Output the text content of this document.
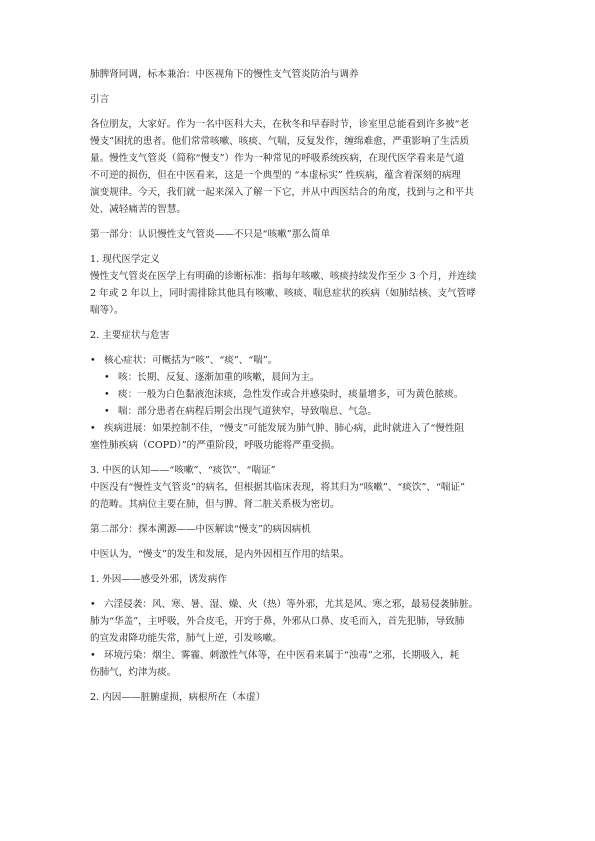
肺脾肾同调，标本兼治：中医视角下的慢性支气管炎防治与调养
引言
各位朋友，大家好。作为一名中医科大夫，在秋冬和早春时节，诊室里总能看到许多被“老
慢支”困扰的患者。他们常常咳嗽、咳痰、气喘，反复发作，缠绵难愈，严重影响了生活质
量。慢性支气管炎（简称“慢支”）作为一种常见的呼吸系统疾病，在现代医学看来是气道
不可逆的损伤，但在中医看来，这是一个典型的 “本虚标实” 性疾病，蕴含着深刻的病理
演变规律。今天，我们就一起来深入了解一下它，并从中西医结合的角度，找到与之和平共
处、减轻痛苦的智慧。
第一部分：认识慢性支气管炎——不只是“咳嗽”那么简单
1. 现代医学定义
慢性支气管炎在医学上有明确的诊断标准：指每年咳嗽、咳痰持续发作至少 3 个月，并连续
2 年或 2 年以上，同时需排除其他具有咳嗽、咳痰、喘息症状的疾病（如肺结核、支气管哮
喘等）。
2. 主要症状与危害
• 核心症状：可概括为“咳”、“痰”、“喘”。
• 咳：长期、反复、逐渐加重的咳嗽，晨间为主。
• 痰：一般为白色黏液泡沫痰，急性发作或合并感染时，痰量增多，可为黄色脓痰。
• 喘：部分患者在病程后期会出现气道狭窄，导致喘息、气急。
• 疾病进展：如果控制不佳，“慢支”可能发展为肺气肿、肺心病，此时就进入了“慢性阻
塞性肺疾病（COPD）”的严重阶段，呼吸功能将严重受损。
3. 中医的认知——“咳嗽”、“痰饮”、“喘证”
中医没有“慢性支气管炎”的病名，但根据其临床表现，将其归为“咳嗽”、“痰饮”、“喘证”
的范畴。其病位主要在肺，但与脾、肾二脏关系极为密切。
第二部分：探本溯源——中医解读“慢支”的病因病机
中医认为，“慢支”的发生和发展，是内外因相互作用的结果。
1. 外因——感受外邪，诱发病作
• 六淫侵袭：风、寒、暑、湿、燥、火（热）等外邪，尤其是风、寒之邪，最易侵袭肺脏。
肺为“华盖”，主呼吸，外合皮毛，开窍于鼻，外邪从口鼻、皮毛而入，首先犯肺，导致肺
的宣发肃降功能失常，肺气上逆，引发咳嗽。
• 环境污染：烟尘、雾霾、刺激性气体等，在中医看来属于“浊毒”之邪，长期吸入，耗
伤肺气，灼津为痰。
2. 内因——脏腑虚损，病根所在（本虚）
